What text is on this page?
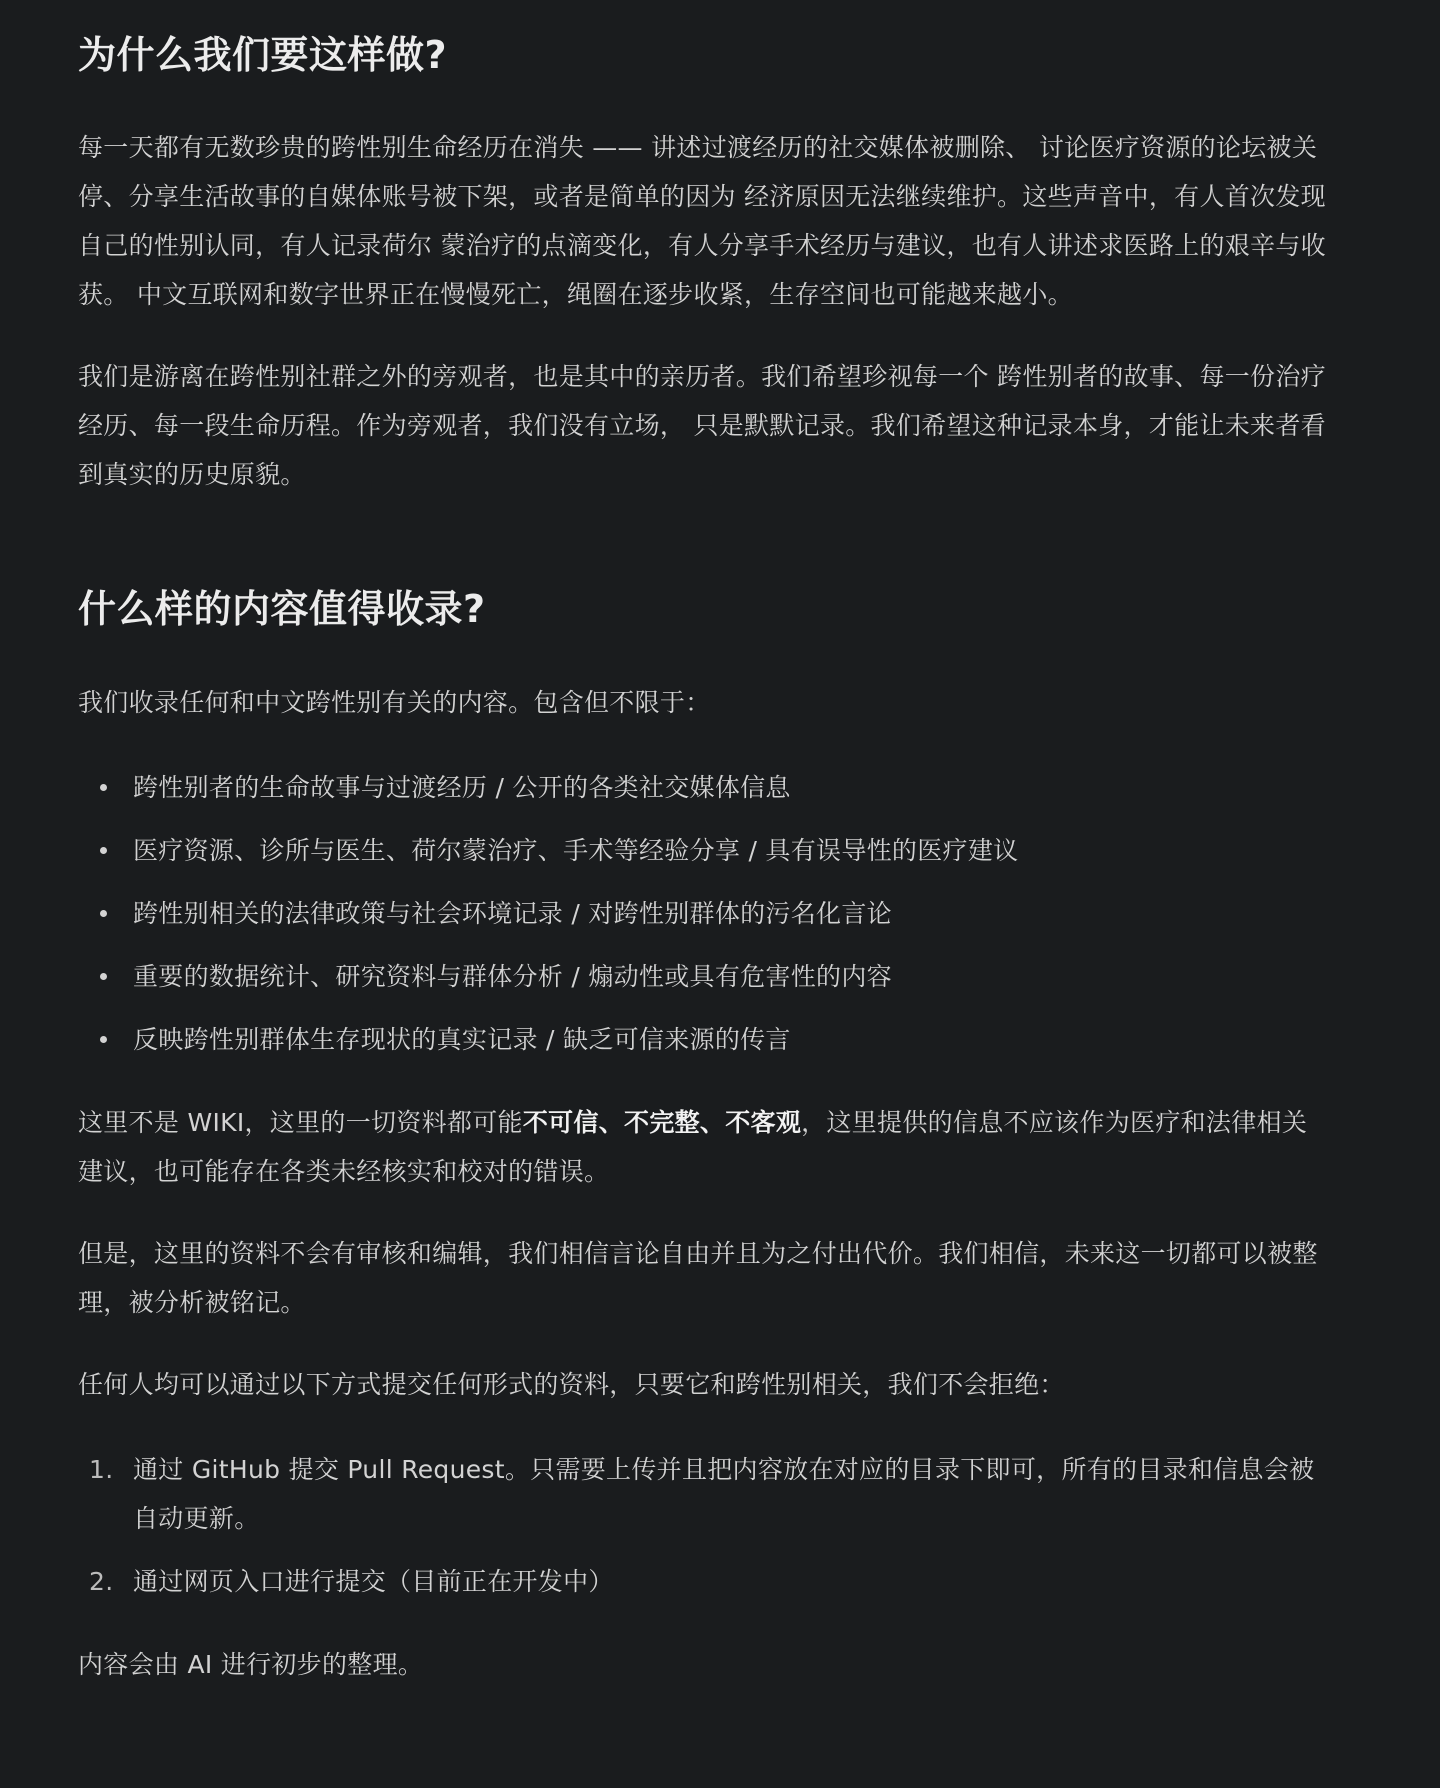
为什么我们要这样做?

每一天都有无数珍贵的跨性别生命经历在消失 —— 讲述过渡经历的社交媒体被删除、 讨论医疗资源的论坛被关停、分享生活故事的自媒体账号被下架，或者是简单的因为 经济原因无法继续维护。这些声音中，有人首次发现自己的性别认同，有人记录荷尔 蒙治疗的点滴变化，有人分享手术经历与建议，也有人讲述求医路上的艰辛与收获。 中文互联网和数字世界正在慢慢死亡，绳圈在逐步收紧，生存空间也可能越来越小。

我们是游离在跨性别社群之外的旁观者，也是其中的亲历者。我们希望珍视每一个 跨性别者的故事、每一份治疗经历、每一段生命历程。作为旁观者，我们没有立场， 只是默默记录。我们希望这种记录本身，才能让未来者看到真实的历史原貌。

什么样的内容值得收录?

我们收录任何和中文跨性别有关的内容。包含但不限于：

跨性别者的生命故事与过渡经历 / 公开的各类社交媒体信息
医疗资源、诊所与医生、荷尔蒙治疗、手术等经验分享 / 具有误导性的医疗建议
跨性别相关的法律政策与社会环境记录 / 对跨性别群体的污名化言论
重要的数据统计、研究资料与群体分析 / 煽动性或具有危害性的内容
反映跨性别群体生存现状的真实记录 / 缺乏可信来源的传言

这里不是 WIKI，这里的一切资料都可能不可信、不完整、不客观，这里提供的信息不应该作为医疗和法律相关建议，也可能存在各类未经核实和校对的错误。

但是，这里的资料不会有审核和编辑，我们相信言论自由并且为之付出代价。我们相信，未来这一切都可以被整理，被分析被铭记。

任何人均可以通过以下方式提交任何形式的资料，只要它和跨性别相关，我们不会拒绝：

1. 通过 GitHub 提交 Pull Request。只需要上传并且把内容放在对应的目录下即可，所有的目录和信息会被自动更新。
2. 通过网页入口进行提交（目前正在开发中）

内容会由 AI 进行初步的整理。
